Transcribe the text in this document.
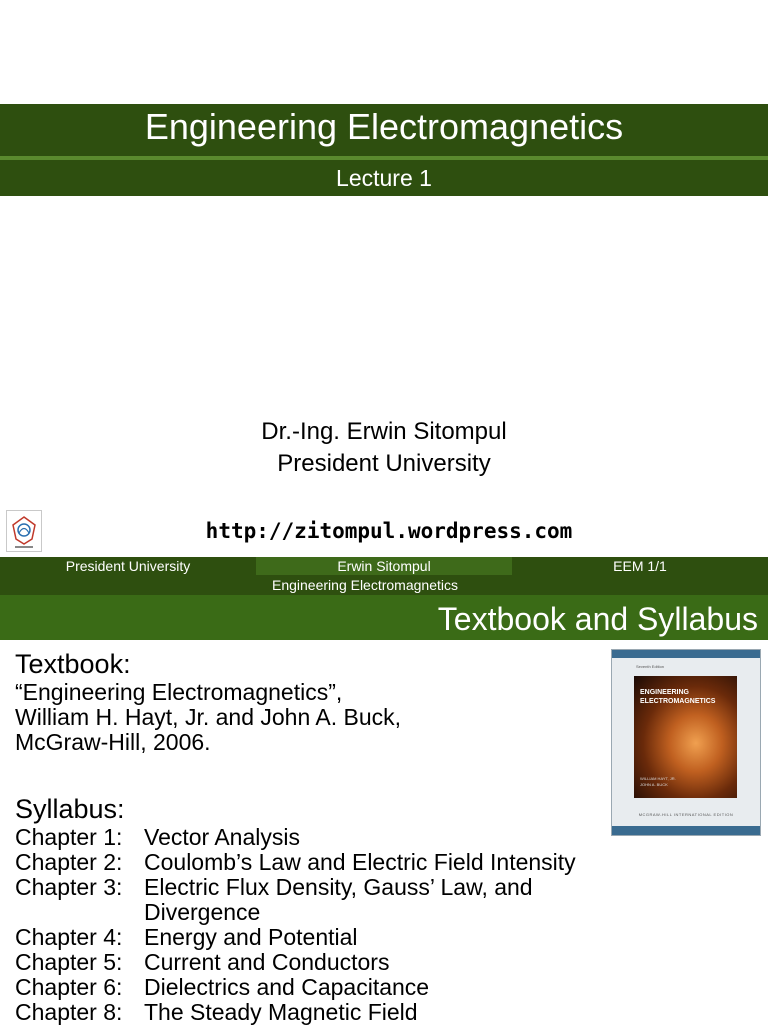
Engineering Electromagnetics
Lecture 1
Dr.-Ing. Erwin Sitompul
President University
http://zitompul.wordpress.com
President University	Erwin Sitompul	EEM 1/1
Engineering Electromagnetics
Textbook and Syllabus
Textbook:
“Engineering Electromagnetics”,
William H. Hayt, Jr. and John A. Buck,
McGraw-Hill, 2006.
Syllabus:
Chapter 1: Vector Analysis
Chapter 2: Coulomb’s Law and Electric Field Intensity
Chapter 3: Electric Flux Density, Gauss’ Law, and Divergence
Chapter 4: Energy and Potential
Chapter 5: Current and Conductors
Chapter 6: Dielectrics and Capacitance
Chapter 8: The Steady Magnetic Field
Seventh Edition
ENGINEERING
ELECTROMAGNETICS
WILLIAM HAYT, JR.
JOHN A. BUCK
MCGRAW-HILL INTERNATIONAL EDITION
